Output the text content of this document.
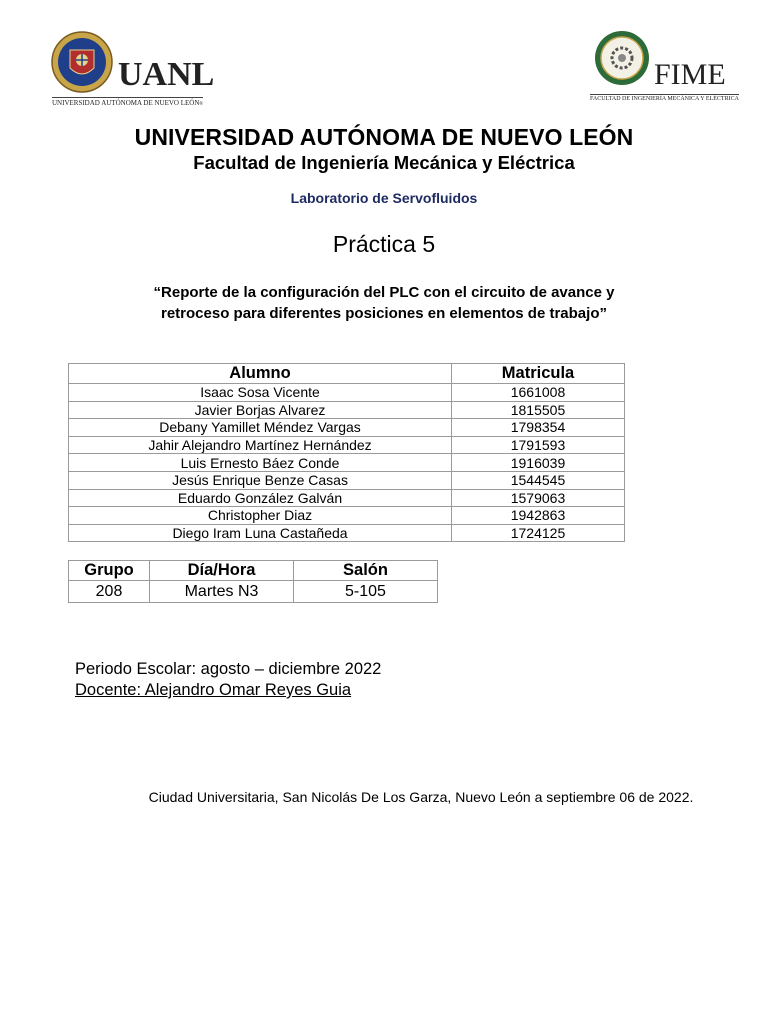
UANL
UNIVERSIDAD AUTÓNOMA DE NUEVO LEÓN®
FIME
FACULTAD DE INGENIERÍA MECÁNICA Y ELÉCTRICA
UNIVERSIDAD AUTÓNOMA DE NUEVO LEÓN
Facultad de Ingeniería Mecánica y Eléctrica
Laboratorio de Servofluidos
Práctica 5
“Reporte de la configuración del PLC con el circuito de avance y
retroceso para diferentes posiciones en elementos de trabajo”
Alumno	Matricula
Isaac Sosa Vicente	1661008
Javier Borjas Alvarez	1815505
Debany Yamillet Méndez Vargas	1798354
Jahir Alejandro Martínez Hernández	1791593
Luis Ernesto Báez Conde	1916039
Jesús Enrique Benze Casas	1544545
Eduardo González Galván	1579063
Christopher Diaz	1942863
Diego Iram Luna Castañeda	1724125
Grupo	Día/Hora	Salón
208	Martes N3	5-105
Periodo Escolar: agosto – diciembre 2022
Docente: Alejandro Omar Reyes Guia
Ciudad Universitaria, San Nicolás De Los Garza, Nuevo León a septiembre 06 de 2022.
